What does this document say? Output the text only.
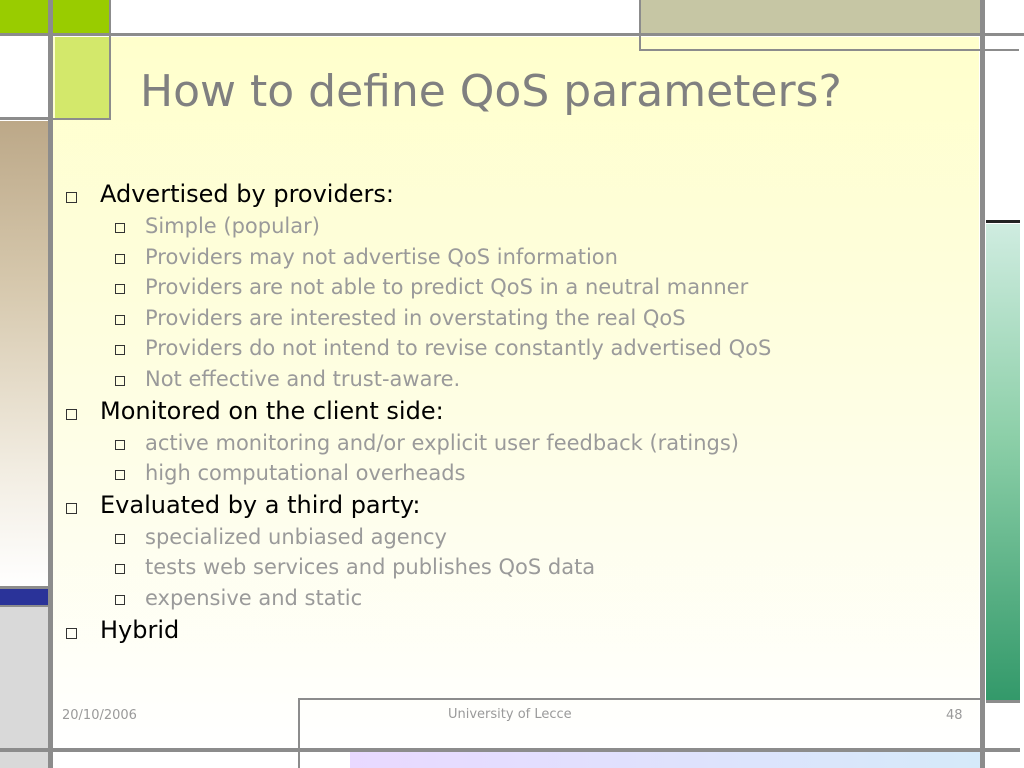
How to define QoS parameters?
Advertised by providers:
Simple (popular)
Providers may not advertise QoS information
Providers are not able to predict QoS in a neutral manner
Providers are interested in overstating the real QoS
Providers do not intend to revise constantly advertised QoS
Not effective and trust-aware.
Monitored on the client side:
active monitoring and/or explicit user feedback (ratings)
high computational overheads
Evaluated by a third party:
specialized unbiased agency
tests web services and publishes QoS data
expensive and static
Hybrid
20/10/2006	University of Lecce	48
